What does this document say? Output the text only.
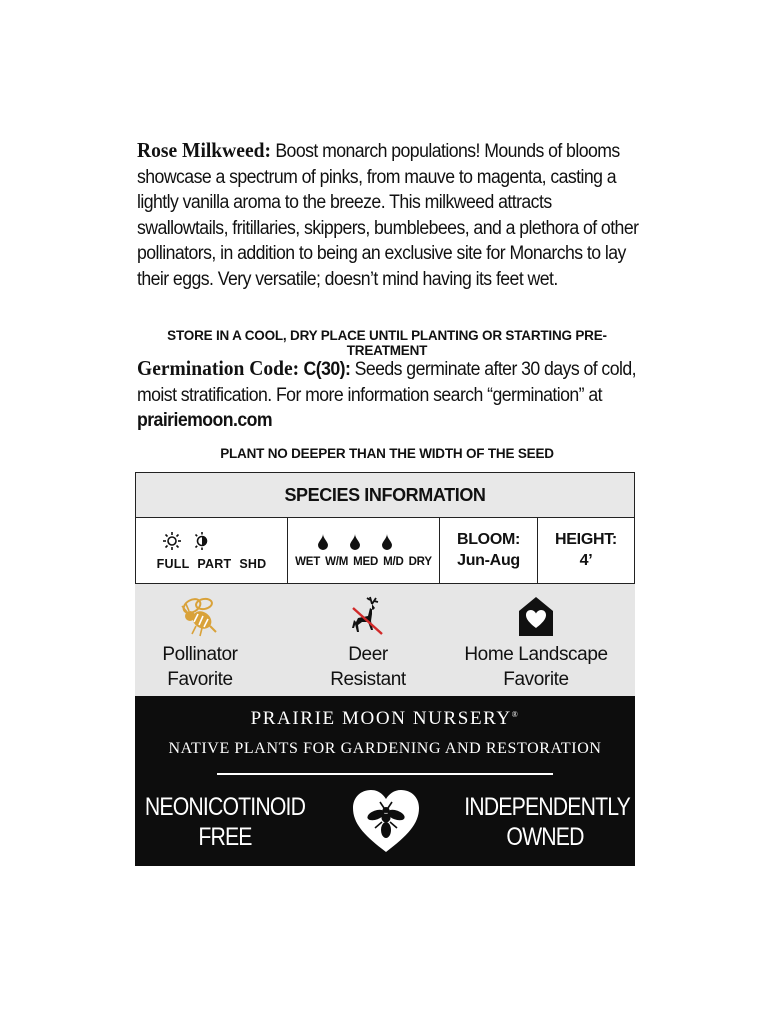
Rose Milkweed: Boost monarch populations! Mounds of blooms showcase a spectrum of pinks, from mauve to magenta, casting a lightly vanilla aroma to the breeze. This milkweed attracts swallowtails, fritillaries, skippers, bumblebees, and a plethora of other pollinators, in addition to being an exclusive site for Monarchs to lay their eggs. Very versatile; doesn’t mind having its feet wet.
STORE IN A COOL, DRY PLACE UNTIL PLANTING OR STARTING PRE-TREATMENT
Germination Code: C(30): Seeds germinate after 30 days of cold, moist stratification. For more information search “germination” at prairiemoon.com
PLANT NO DEEPER THAN THE WIDTH OF THE SEED
SPECIES INFORMATION
FULL PART SHD	WET W/M MED M/D DRY
BLOOM:
Jun-Aug
HEIGHT:
4’
Pollinator
Favorite
Deer
Resistant
Home Landscape
Favorite
PRAIRIE MOON NURSERY®
NATIVE PLANTS FOR GARDENING AND RESTORATION
NEONICOTINOID
FREE
INDEPENDENTLY
OWNED
